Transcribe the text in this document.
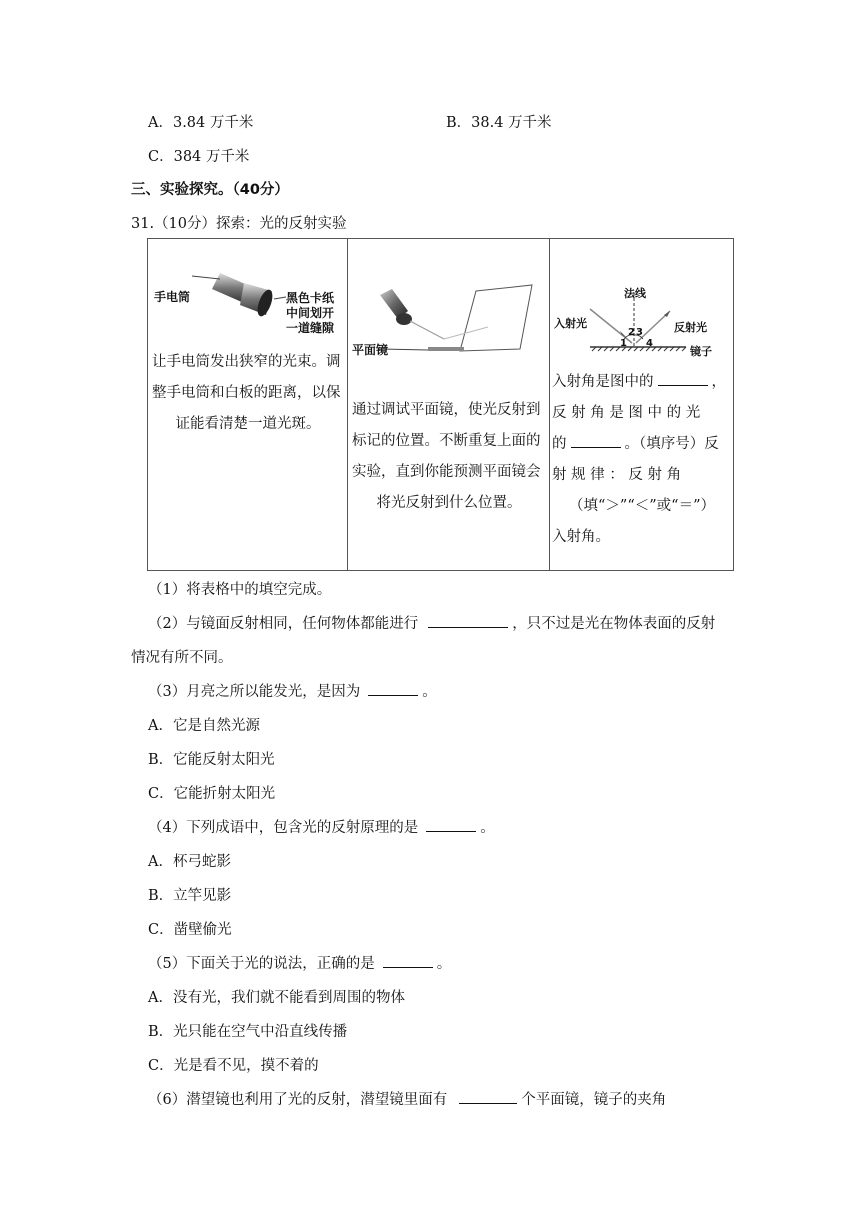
A．3.84 万千米	B．38.4 万千米
C．384 万千米
三、实验探究。（40分）
31.（10分）探索：光的反射实验
手电筒	黑色卡纸
中间划开
一道缝隙
让手电筒发出狭窄的光束。调
整手电筒和白板的距离，以保
证能看清楚一道光斑。

平面镜
通过调试平面镜，使光反射到
标记的位置。不断重复上面的
实验，直到你能预测平面镜会
将光反射到什么位置。

法线
入射光	反射光
镜子
1
2 3
4
入射角是图中的	，
反 射 角 是 图 中 的 光
的	。（填序号）反
射 规 律 ： 反 射 角
（填“＞”“＜”或“＝”）
入射角。
（1）将表格中的填空完成。
（2）与镜面反射相同，任何物体都能进行	，只不过是光在物体表面的反射
情况有所不同。
（3）月亮之所以能发光，是因为	。
A．它是自然光源
B．它能反射太阳光
C．它能折射太阳光
（4）下列成语中，包含光的反射原理的是	。
A．杯弓蛇影
B．立竿见影
C．凿壁偷光
（5）下面关于光的说法，正确的是	。
A．没有光，我们就不能看到周围的物体
B．光只能在空气中沿直线传播
C．光是看不见，摸不着的
（6）潜望镜也利用了光的反射，潜望镜里面有	个平面镜，镜子的夹角
